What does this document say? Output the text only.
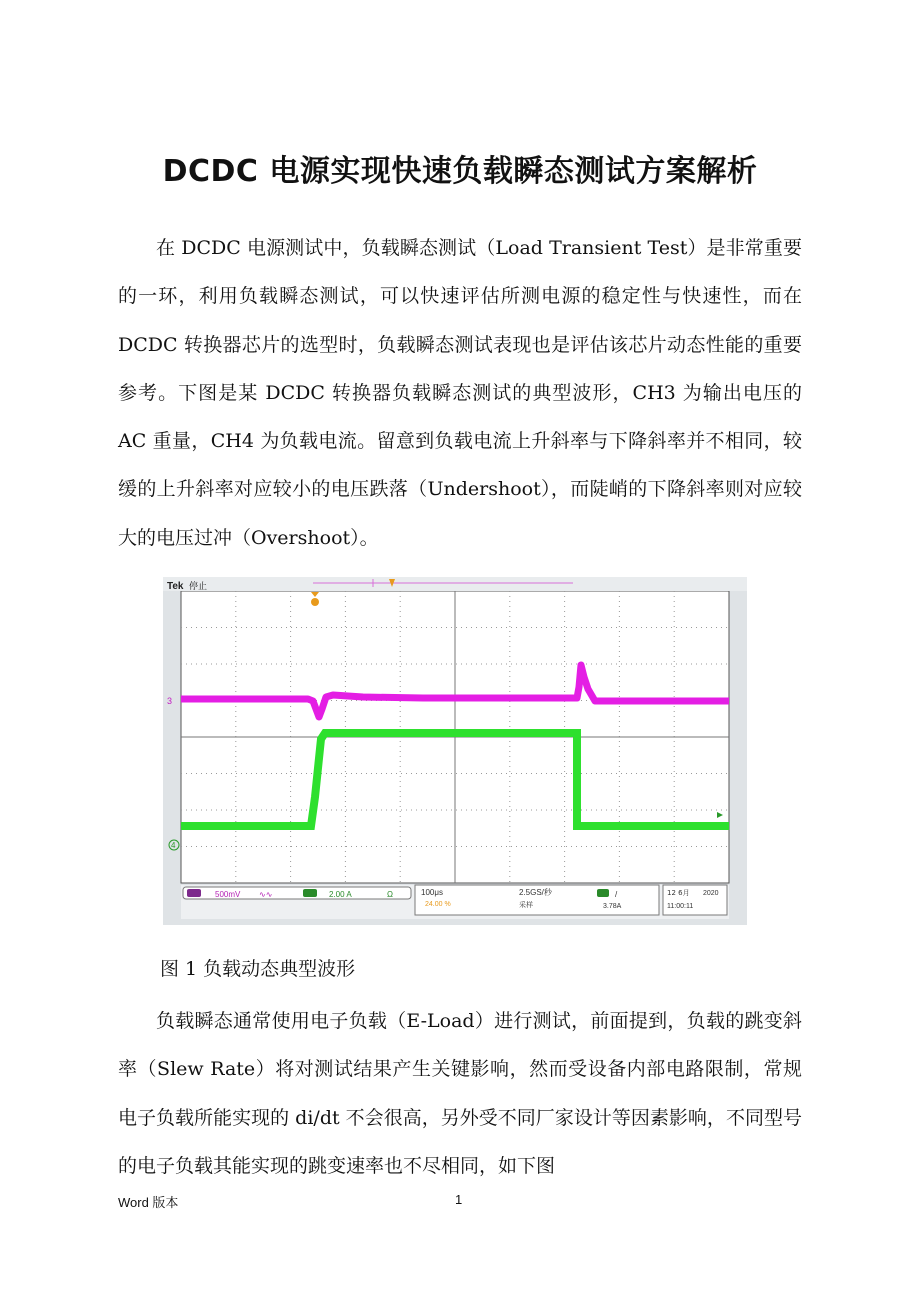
DCDC 电源实现快速负载瞬态测试方案解析

在 DCDC 电源测试中，负载瞬态测试（Load Transient Test）是非常重要的一环，利用负载瞬态测试，可以快速评估所测电源的稳定性与快速性，而在 DCDC 转换器芯片的选型时，负载瞬态测试表现也是评估该芯片动态性能的重要参考。下图是某 DCDC 转换器负载瞬态测试的典型波形，CH3 为输出电压的 AC 重量，CH4 为负载电流。留意到负载电流上升斜率与下降斜率并不相同，较缓的上升斜率对应较小的电压跌落（Undershoot），而陡峭的下降斜率则对应较大的电压过冲（Overshoot）。

Tek 停止
3
4
500mV ∿∿	2.00 A	Ω	100μs
24.00 %
2.5GS/秒
采样
/
3.78A
12 6月 2020
11:00:11
图 1 负载动态典型波形

负载瞬态通常使用电子负载（E-Load）进行测试，前面提到，负载的跳变斜率（Slew Rate）将对测试结果产生关键影响，然而受设备内部电路限制，常规电子负载所能实现的 di/dt 不会很高，另外受不同厂家设计等因素影响，不同型号的电子负载其能实现的跳变速率也不尽相同，如下图

Word 版本	1
